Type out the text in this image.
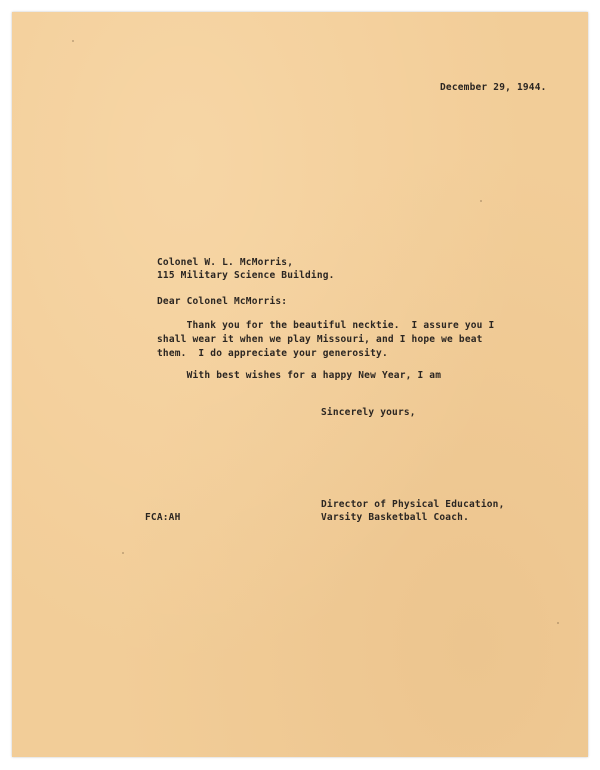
December 29, 1944.

Colonel W. L. McMorris,

115 Military Science Building.

Dear Colonel McMorris:

Thank you for the beautiful necktie.  I assure you I

shall wear it when we play Missouri, and I hope we beat

them.  I do appreciate your generosity.

With best wishes for a happy New Year, I am

Sincerely yours,

Director of Physical Education,

Varsity Basketball Coach.

FCA:AH
